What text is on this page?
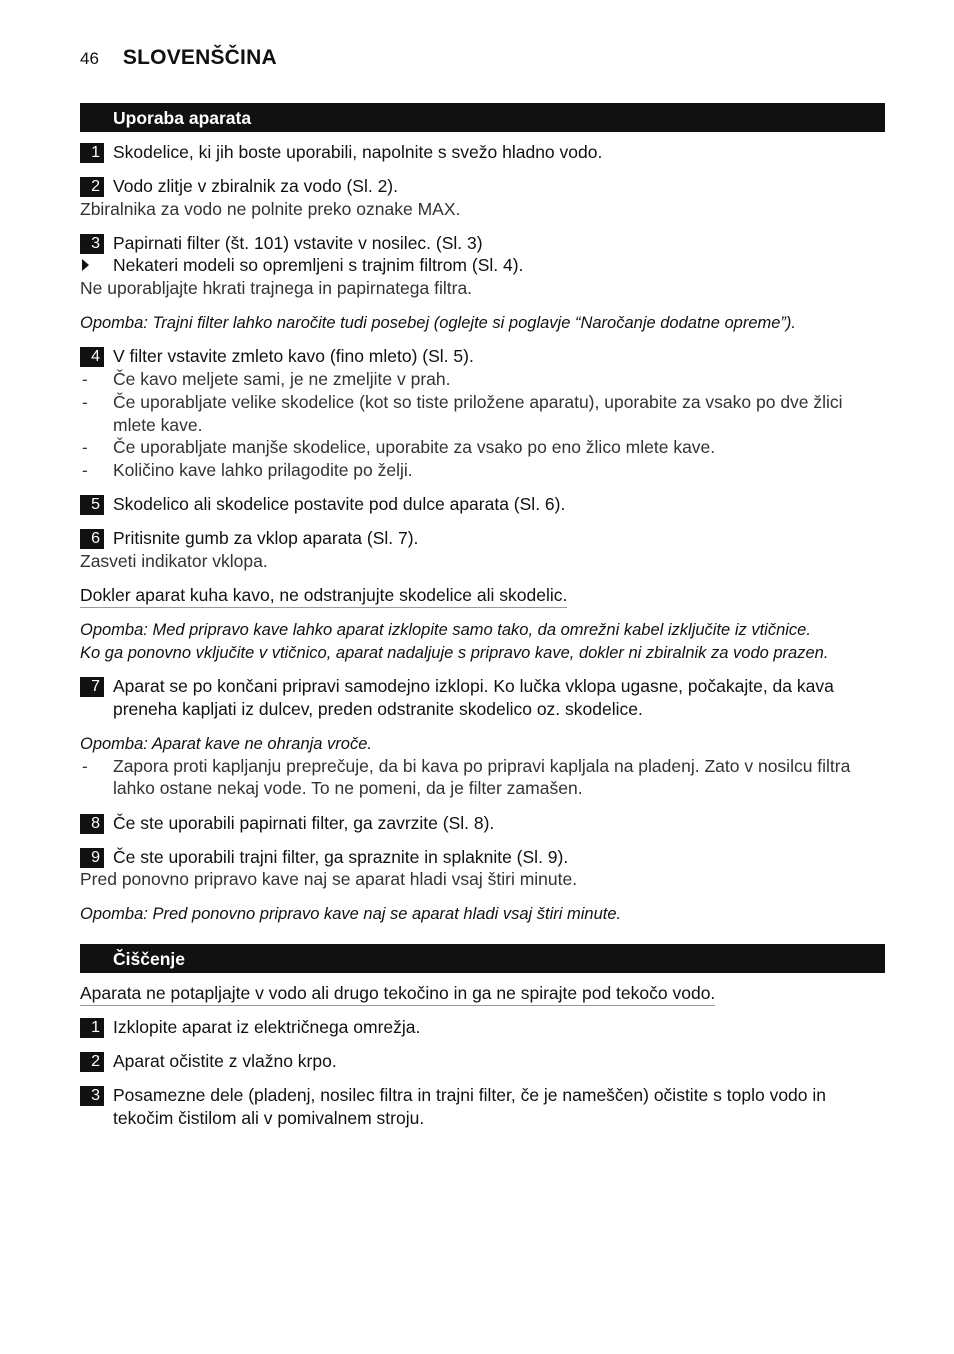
46 SLOVENŠČINA
Uporaba aparata
1 Skodelice, ki jih boste uporabili, napolnite s svežo hladno vodo.
2 Vodo zlitje v zbiralnik za vodo (Sl. 2).
Zbiralnika za vodo ne polnite preko oznake MAX.
3 Papirnati filter (št. 101) vstavite v nosilec. (Sl. 3)
Nekateri modeli so opremljeni s trajnim filtrom (Sl. 4).
Ne uporabljajte hkrati trajnega in papirnatega filtra.
Opomba: Trajni filter lahko naročite tudi posebej (oglejte si poglavje “Naročanje dodatne opreme”).
4 V filter vstavite zmleto kavo (fino mleto) (Sl. 5).
- Če kavo meljete sami, je ne zmeljite v prah.
- Če uporabljate velike skodelice (kot so tiste priložene aparatu), uporabite za vsako po dve žlici
mlete kave.
- Če uporabljate manjše skodelice, uporabite za vsako po eno žlico mlete kave.
- Količino kave lahko prilagodite po želji.
5 Skodelico ali skodelice postavite pod dulce aparata (Sl. 6).
6 Pritisnite gumb za vklop aparata (Sl. 7).
Zasveti indikator vklopa.
Dokler aparat kuha kavo, ne odstranjujte skodelice ali skodelic.
Opomba: Med pripravo kave lahko aparat izklopite samo tako, da omrežni kabel izključite iz vtičnice.
Ko ga ponovno vključite v vtičnico, aparat nadaljuje s pripravo kave, dokler ni zbiralnik za vodo prazen.
7 Aparat se po končani pripravi samodejno izklopi. Ko lučka vklopa ugasne, počakajte, da kava
preneha kapljati iz dulcev, preden odstranite skodelico oz. skodelice.
Opomba: Aparat kave ne ohranja vroče.
- Zapora proti kapljanju preprečuje, da bi kava po pripravi kapljala na pladenj. Zato v nosilcu filtra
lahko ostane nekaj vode. To ne pomeni, da je filter zamašen.
8 Če ste uporabili papirnati filter, ga zavrzite (Sl. 8).
9 Če ste uporabili trajni filter, ga spraznite in splaknite (Sl. 9).
Pred ponovno pripravo kave naj se aparat hladi vsaj štiri minute.
Opomba: Pred ponovno pripravo kave naj se aparat hladi vsaj štiri minute.
Čiščenje
Aparata ne potapljajte v vodo ali drugo tekočino in ga ne spirajte pod tekočo vodo.
1 Izklopite aparat iz električnega omrežja.
2 Aparat očistite z vlažno krpo.
3 Posamezne dele (pladenj, nosilec filtra in trajni filter, če je nameščen) očistite s toplo vodo in
tekočim čistilom ali v pomivalnem stroju.
